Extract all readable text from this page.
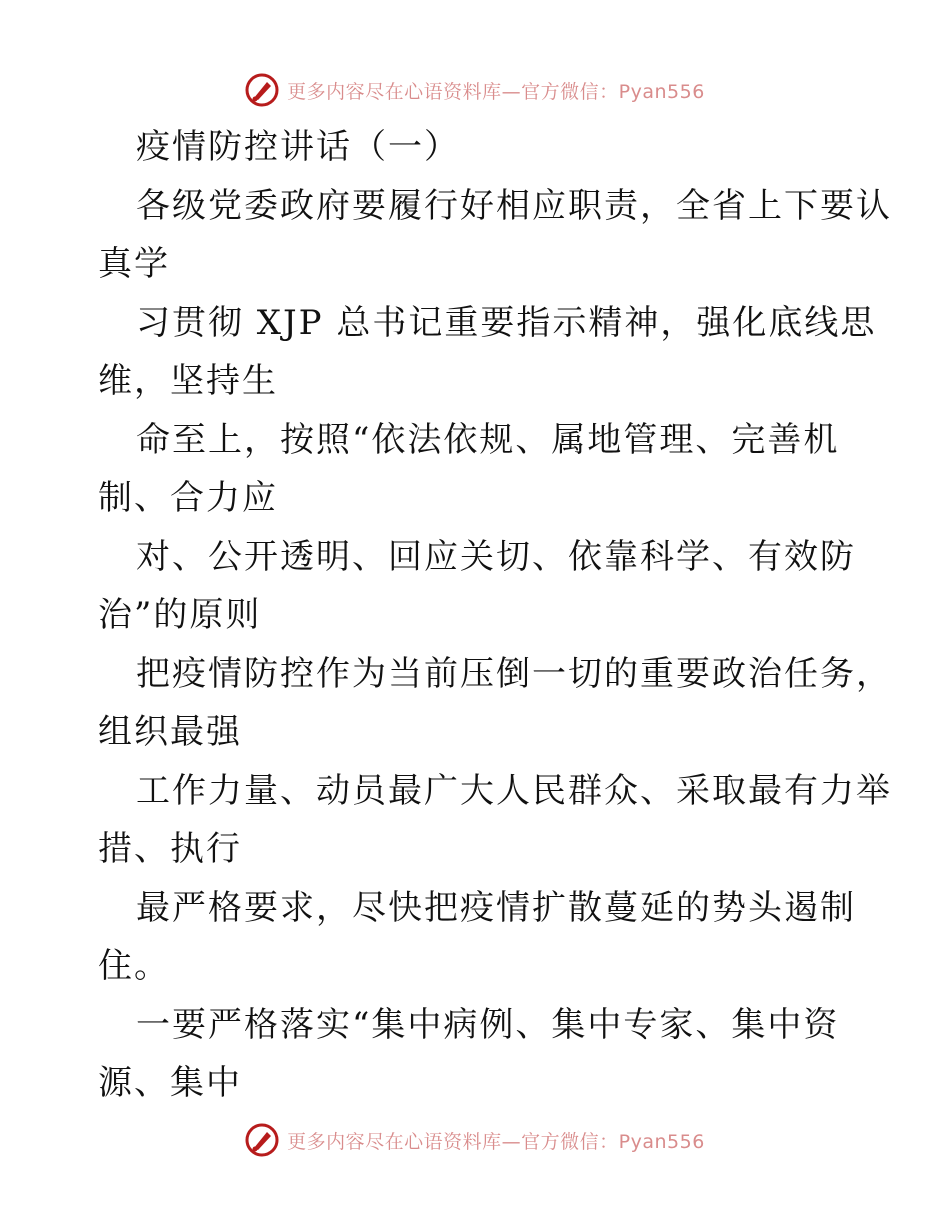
更多内容尽在心语资料库—官方微信：Pyan556
疫情防控讲话（一）
各级党委政府要履行好相应职责，全省上下要认
真学
习贯彻 XJP 总书记重要指示精神，强化底线思
维，坚持生
命至上，按照“依法依规、属地管理、完善机
制、合力应
对、公开透明、回应关切、依靠科学、有效防
治”的原则
把疫情防控作为当前压倒一切的重要政治任务，
组织最强
工作力量、动员最广大人民群众、采取最有力举
措、执行
最严格要求，尽快把疫情扩散蔓延的势头遏制
住。
一要严格落实“集中病例、集中专家、集中资
源、集中
更多内容尽在心语资料库—官方微信：Pyan556
